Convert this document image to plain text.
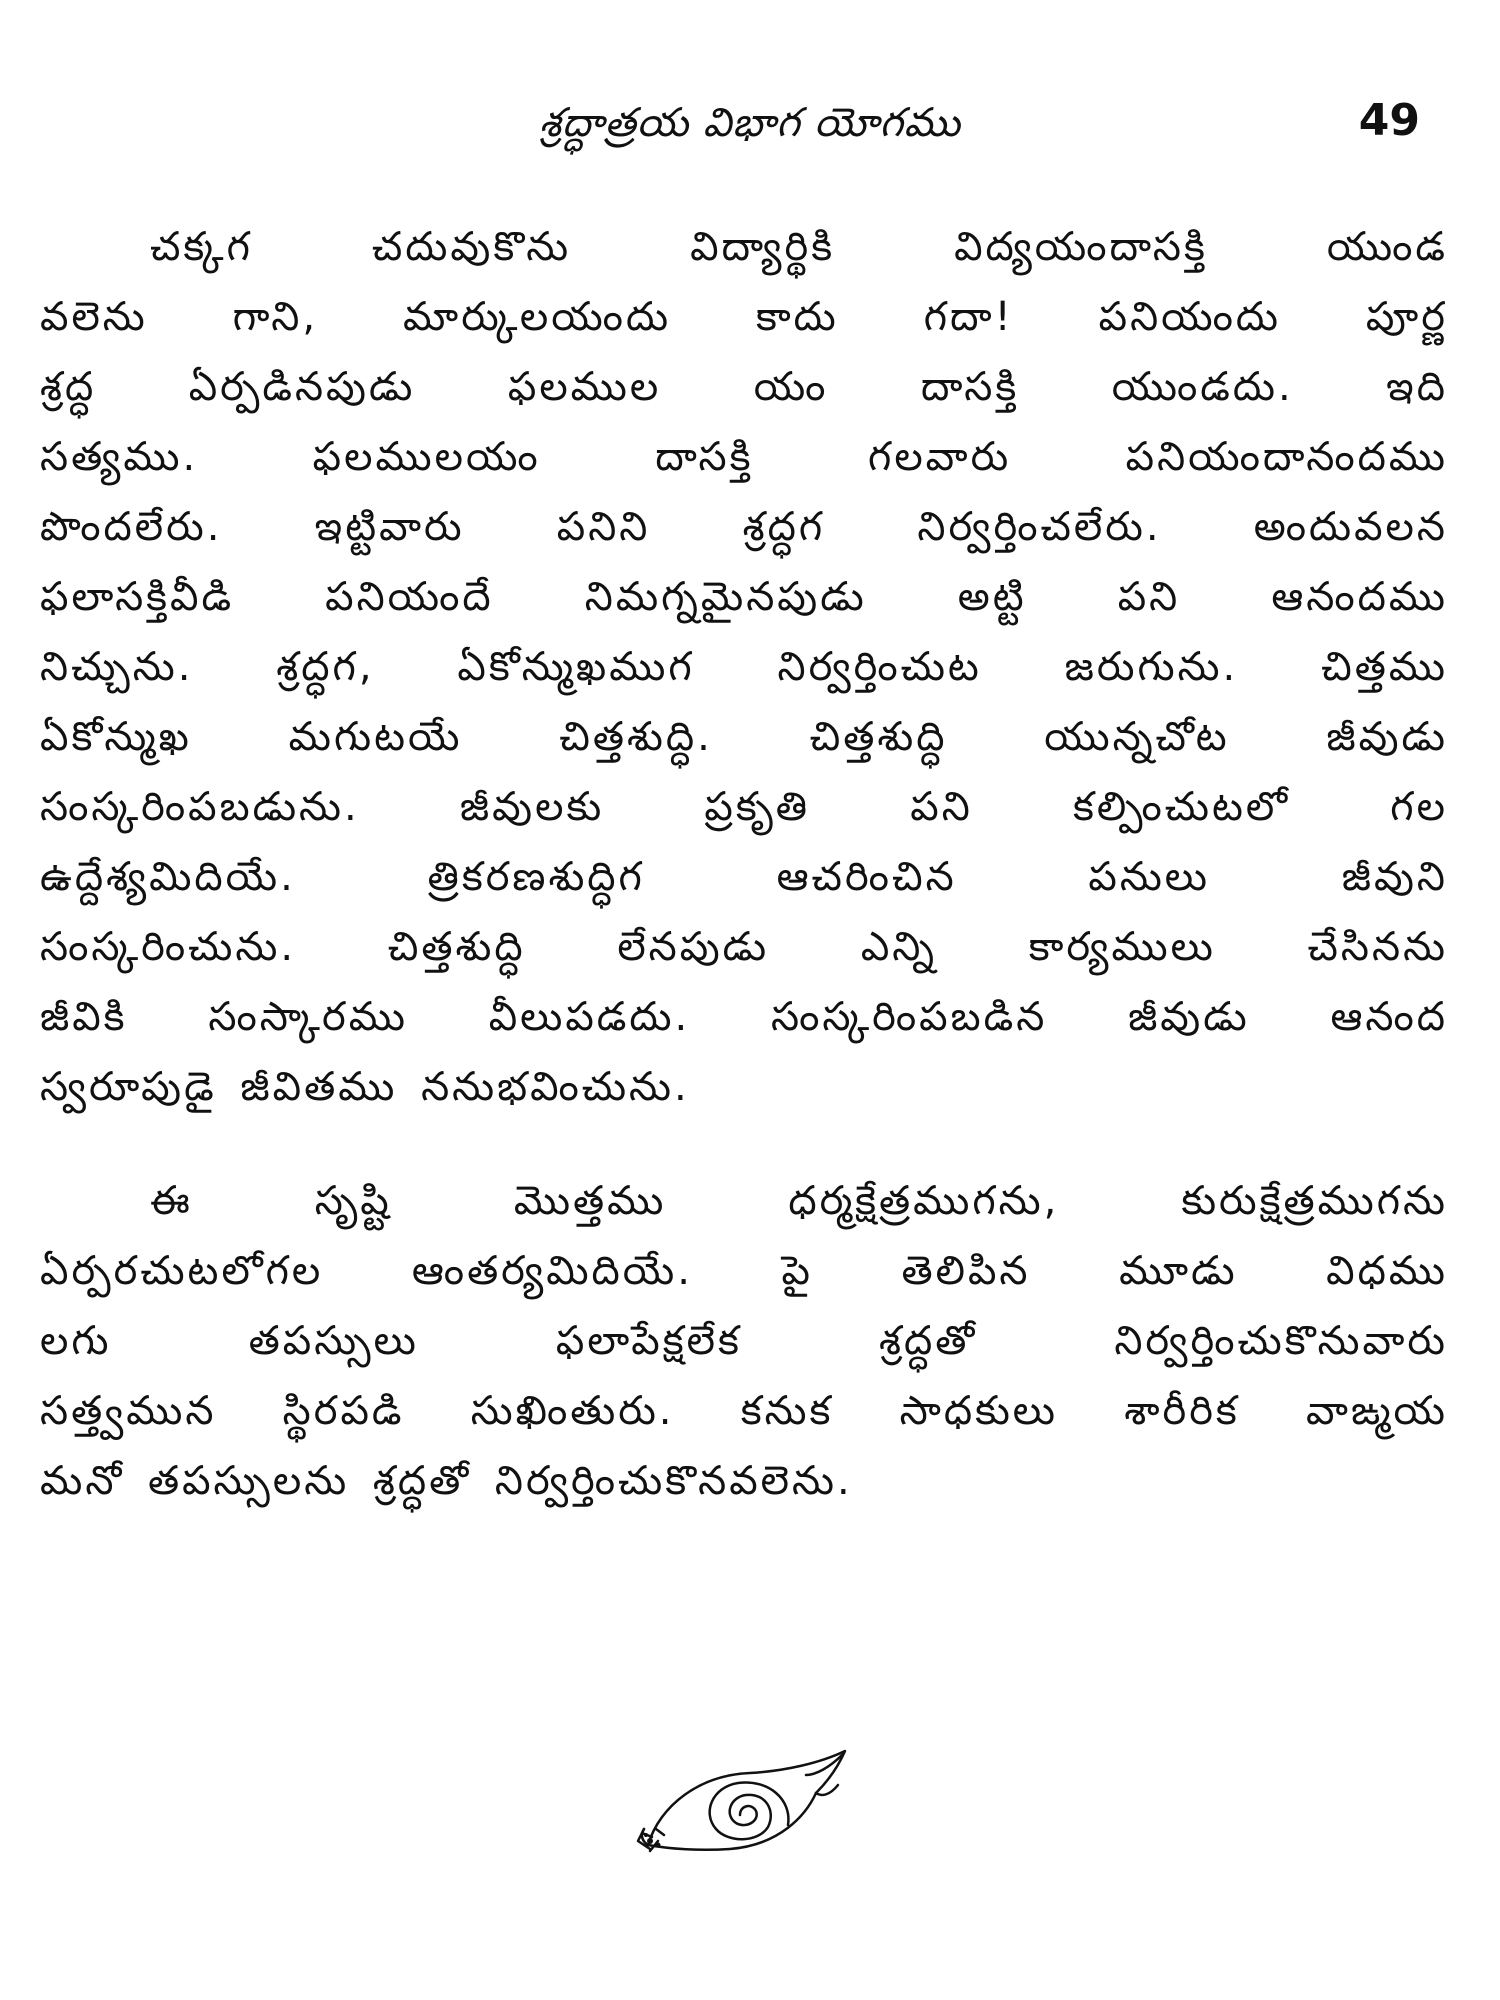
శ్రద్ధాత్రయ విభాగ యోగము	49
చక్కగ చదువుకొను విద్యార్థికి విద్యయందాసక్తి యుండ
వలెను గాని, మార్కులయందు కాదు గదా! పనియందు పూర్ణ
శ్రద్ధ ఏర్పడినపుడు ఫలముల యం దాసక్తి యుండదు. ఇది
సత్యము. ఫలములయం దాసక్తి గలవారు పనియందానందము
పొందలేరు. ఇట్టివారు పనిని శ్రద్ధగ నిర్వర్తించలేరు. అందువలన
ఫలాసక్తివీడి పనియందే నిమగ్నమైనపుడు అట్టి పని ఆనందము
నిచ్చును. శ్రద్ధగ, ఏకోన్ముఖముగ నిర్వర్తించుట జరుగును. చిత్తము
ఏకోన్ముఖ మగుటయే చిత్తశుద్ధి. చిత్తశుద్ధి యున్నచోట జీవుడు
సంస్కరింపబడును. జీవులకు ప్రకృతి పని కల్పించుటలో గల
ఉద్దేశ్యమిదియే. త్రికరణశుద్ధిగ ఆచరించిన పనులు జీవుని
సంస్కరించును. చిత్తశుద్ధి లేనపుడు ఎన్ని కార్యములు చేసినను
జీవికి సంస్కారము వీలుపడదు. సంస్కరింపబడిన జీవుడు ఆనంద
స్వరూపుడై జీవితము ననుభవించును.
ఈ సృష్టి మొత్తము ధర్మక్షేత్రముగను, కురుక్షేత్రముగను
ఏర్పరచుటలోగల ఆంతర్యమిదియే. పై తెలిపిన మూడు విధము
లగు తపస్సులు ఫలాపేక్షలేక శ్రద్ధతో నిర్వర్తించుకొనువారు
సత్త్వమున స్థిరపడి సుఖింతురు. కనుక సాధకులు శారీరిక వాఙ్మయ
మనో తపస్సులను శ్రద్ధతో నిర్వర్తించుకొనవలెను.
